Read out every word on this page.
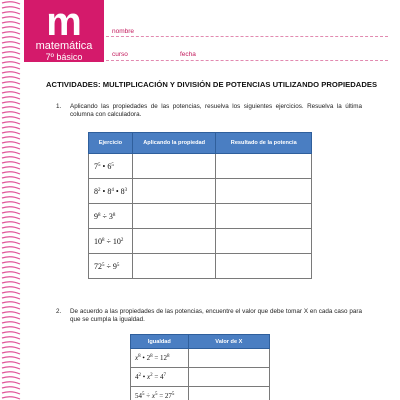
m
matemática
7º básico
nombre
curso	fecha
ACTIVIDADES: MULTIPLICACIÓN Y DIVISIÓN DE POTENCIAS UTILIZANDO PROPIEDADES
1. Aplicando las propiedades de las potencias, resuelva los siguientes ejercicios. Resuelva la última columna con calculadora.
Ejercicio	Aplicando la propiedad	Resultado de la potencia
$7^5$ • $6^5$		
$8^2$ • $8^4$ • $8^3$		
$9^8 \div 3^8$		
$10^8 \div 10^2$		
$72^5 \div 9^5$		
2. De acuerdo a las propiedades de las potencias, encuentre el valor que debe tomar X en cada caso para que se cumpla la igualdad.
Igualdad	Valor de X
$x^8$ • $2^8 = 12^8$	
$4^2$ • $x^2 = 4^7$	
$54^5 \div x^5 = 27^5$	
